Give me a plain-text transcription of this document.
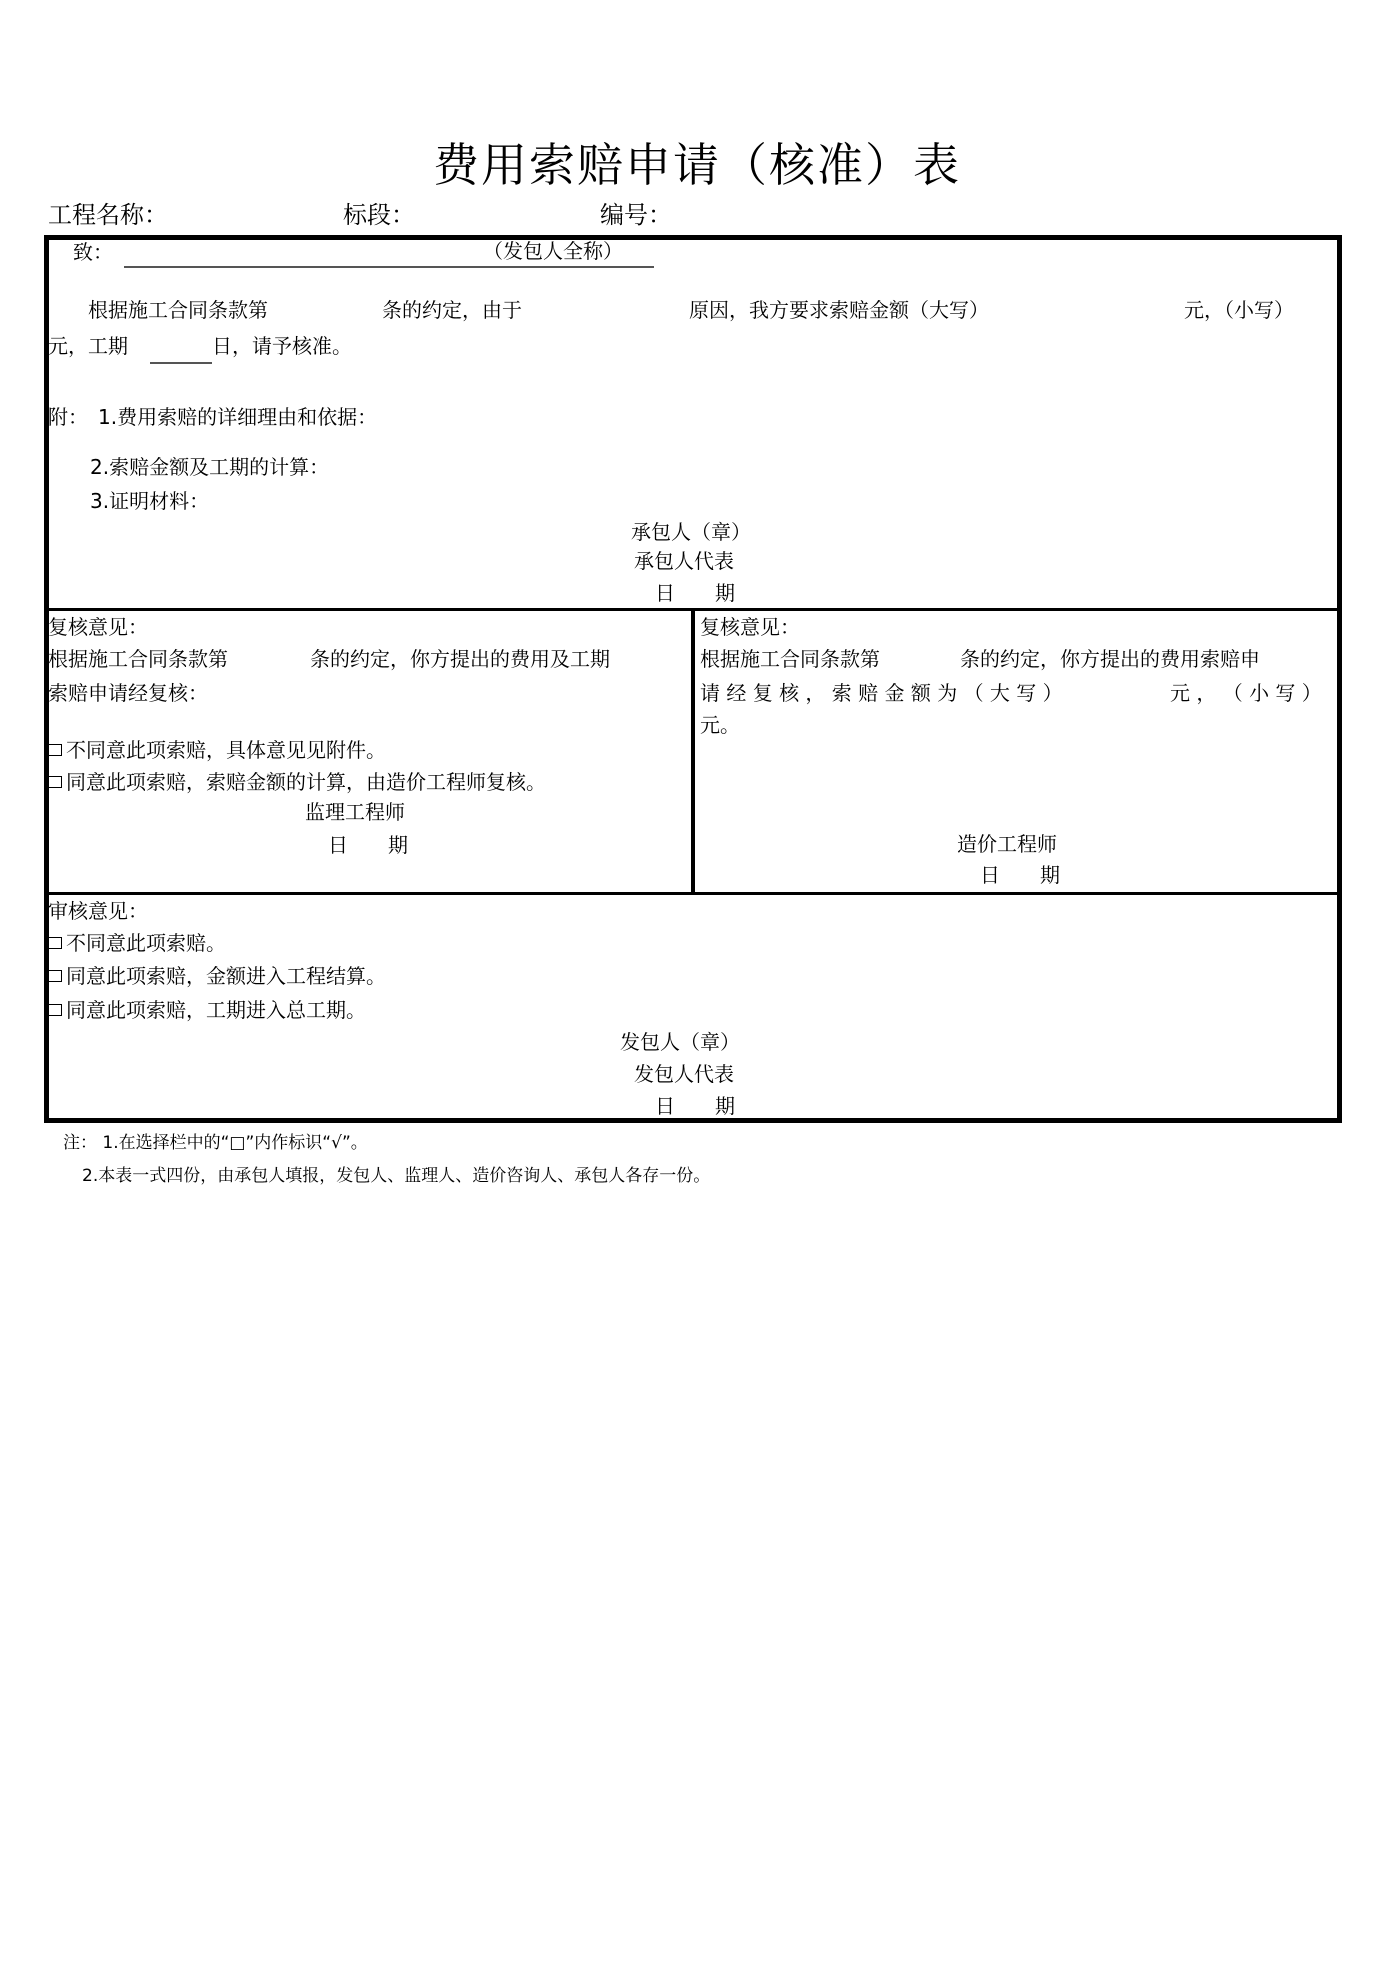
费用索赔申请（核准）表
工程名称：	标段：	编号：
致：	（发包人全称）
根据施工合同条款第	条的约定，由于	原因，我方要求索赔金额（大写）	元，（小写）
元，工期	日，请予核准。
附： 1.费用索赔的详细理由和依据：
2.索赔金额及工期的计算：
3.证明材料：
承包人（章）
承包人代表
日　　期
复核意见：
根据施工合同条款第	条的约定，你方提出的费用及工期
索赔申请经复核：
不同意此项索赔，具体意见见附件。
同意此项索赔，索赔金额的计算，由造价工程师复核。
监理工程师
日　　期
复核意见：
根据施工合同条款第	条的约定，你方提出的费用索赔申
请 经 复 核 ， 索 赔 金 额 为 （ 大 写 ）	元 ， （ 小 写 ）
元。
造价工程师
日　　期
审核意见：
不同意此项索赔。
同意此项索赔，金额进入工程结算。
同意此项索赔，工期进入总工期。
发包人（章）
发包人代表
日　　期
注： 1.在选择栏中的“□”内作标识“√”。
2.本表一式四份，由承包人填报，发包人、监理人、造价咨询人、承包人各存一份。
